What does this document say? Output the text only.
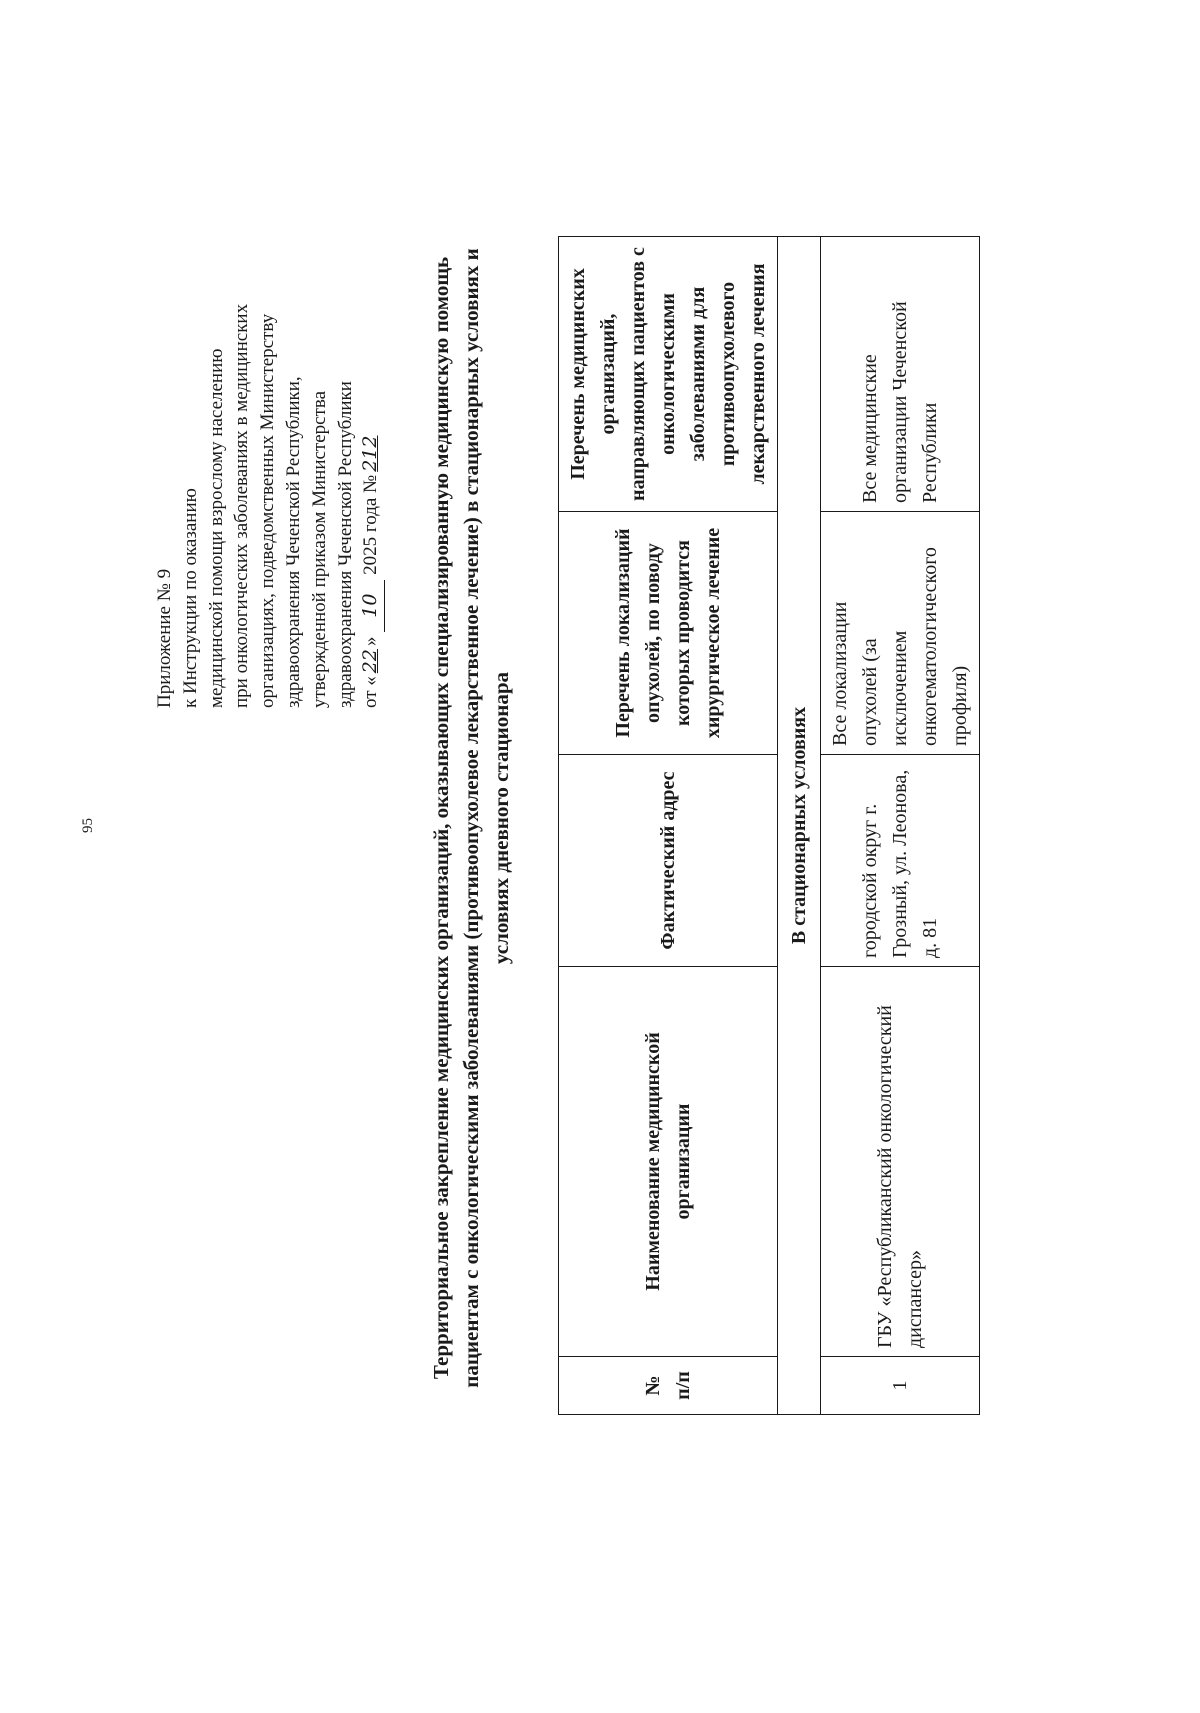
95
Приложение № 9 к Инструкции по оказанию медицинской помощи взрослому населению при онкологических заболеваниях в медицинских организациях, подведомственных Министерству здравоохранения Чеченской Республики, утвержденной приказом Министерства здравоохранения Чеченской Республики от «22» 10 2025 года №212 Территориальное закрепление медицинских организаций, оказывающих специализированную медицинскую помощь пациентам с онкологическими заболеваниями (противоопухолевое лекарственное лечение) в стационарных условиях и условиях дневного стационара
№ п/п	Наименование медицинской организации	Фактический адрес	Перечень локализаций опухолей, по поводу которых проводится хирургическое лечение	Перечень медицинских организаций, направляющих пациентов с онкологическими заболеваниями для противоопухолевого лекарственного лечения
В стационарных условиях				
1	ГБУ «Республиканский онкологический диспансер»	городской округ г. Грозный, ул. Леонова, д. 81	Все локализации опухолей (за исключением онкогематологического профиля)	Все медицинские организации Чеченской Республики
